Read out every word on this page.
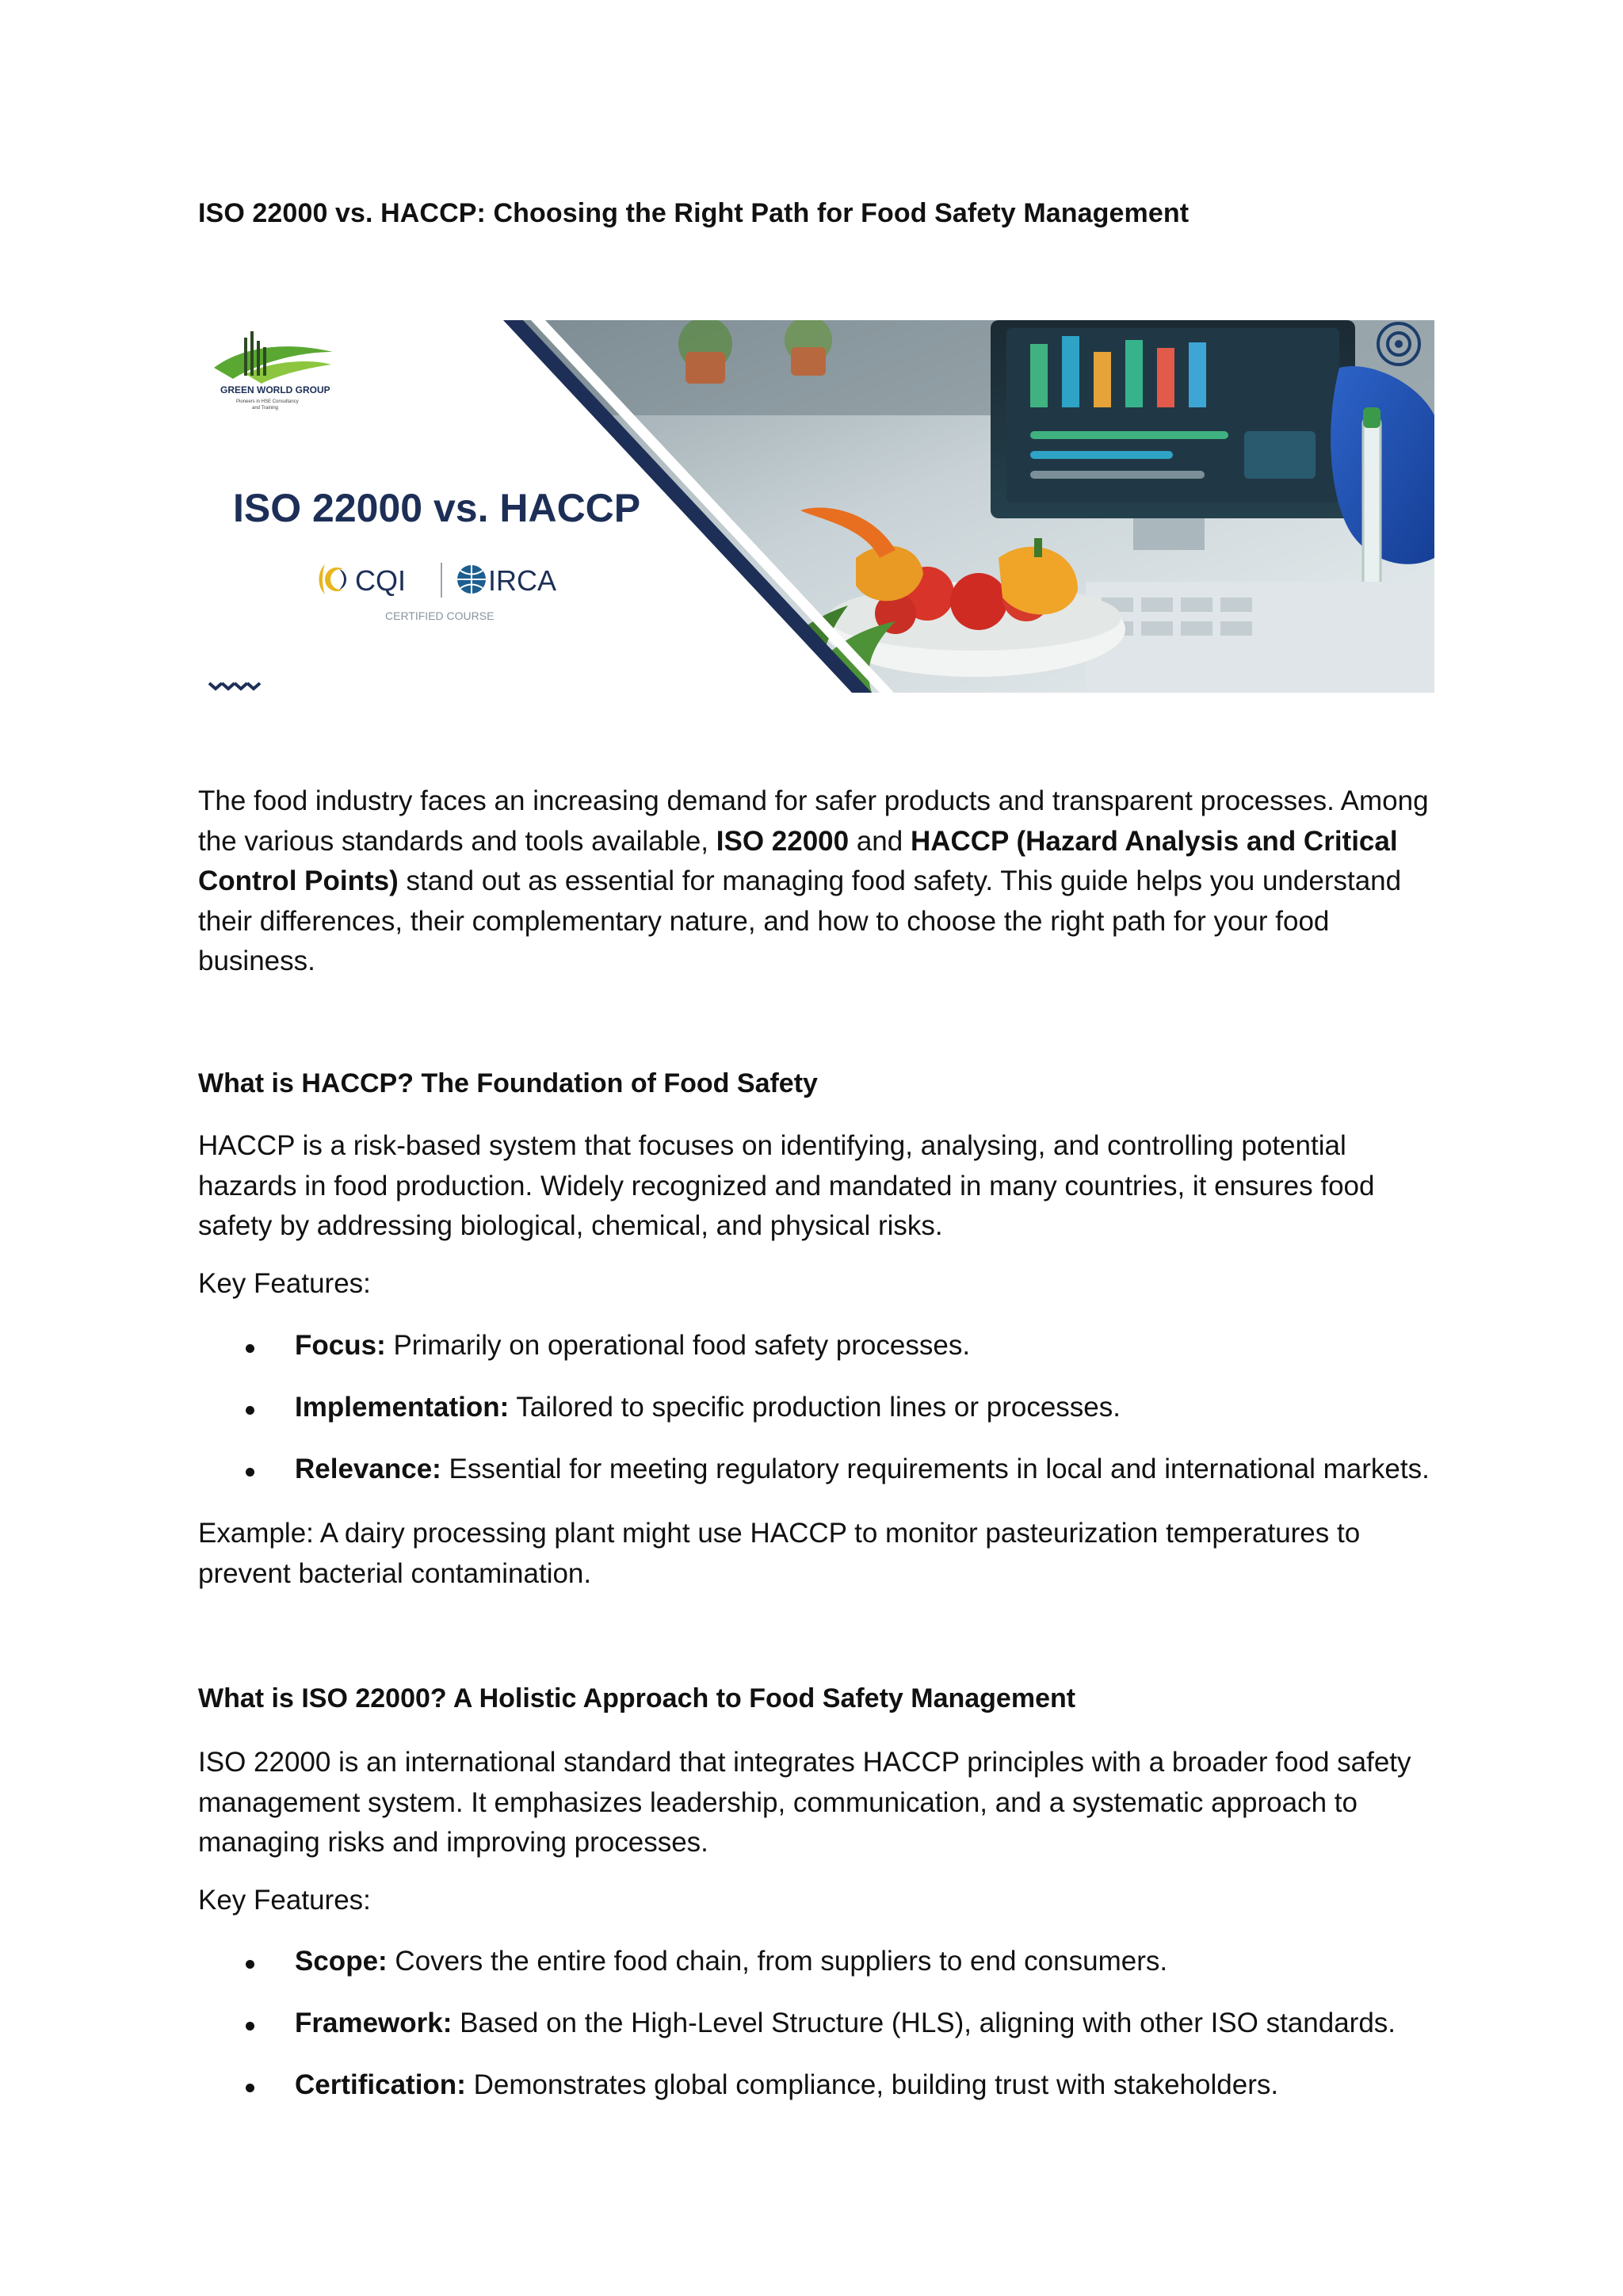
ISO 22000 vs. HACCP: Choosing the Right Path for Food Safety Management
GREEN WORLD GROUP
Pioneers in HSE Consultancy
and Training
ISO 22000 vs. HACCP
CQI	IRCA
CERTIFIED COURSE
The food industry faces an increasing demand for safer products and transparent processes. Among the various standards and tools available, ISO 22000 and HACCP (Hazard Analysis and Critical Control Points) stand out as essential for managing food safety. This guide helps you understand their differences, their complementary nature, and how to choose the right path for your food business.
What is HACCP? The Foundation of Food Safety
HACCP is a risk-based system that focuses on identifying, analysing, and controlling potential hazards in food production. Widely recognized and mandated in many countries, it ensures food safety by addressing biological, chemical, and physical risks.
Key Features:
Focus: Primarily on operational food safety processes.
Implementation: Tailored to specific production lines or processes.
Relevance: Essential for meeting regulatory requirements in local and international markets.
Example: A dairy processing plant might use HACCP to monitor pasteurization temperatures to prevent bacterial contamination.
What is ISO 22000? A Holistic Approach to Food Safety Management
ISO 22000 is an international standard that integrates HACCP principles with a broader food safety management system. It emphasizes leadership, communication, and a systematic approach to managing risks and improving processes.
Key Features:
Scope: Covers the entire food chain, from suppliers to end consumers.
Framework: Based on the High-Level Structure (HLS), aligning with other ISO standards.
Certification: Demonstrates global compliance, building trust with stakeholders.
